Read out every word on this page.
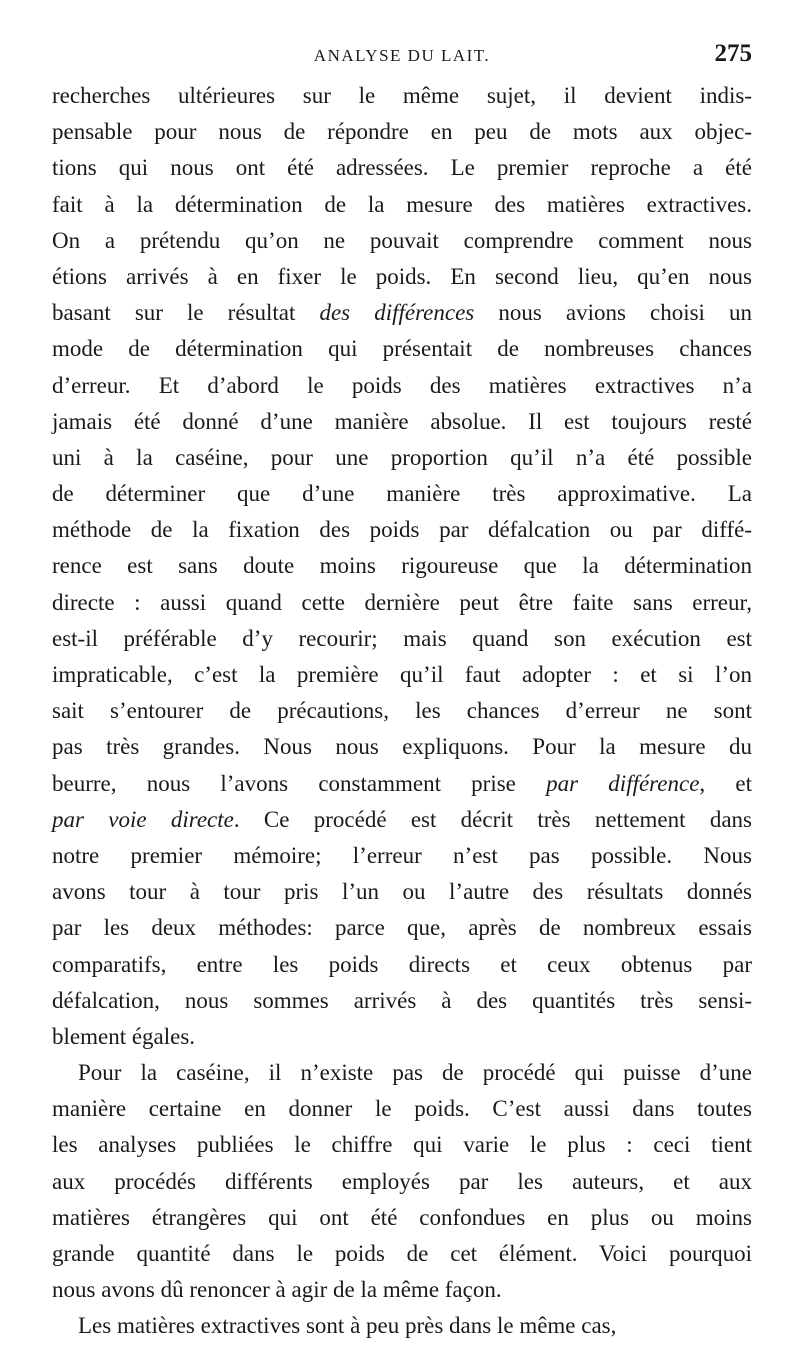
ANALYSE DU LAIT.	275
recherches ultérieures sur le même sujet, il devient indis-
pensable pour nous de répondre en peu de mots aux objec-
tions qui nous ont été adressées. Le premier reproche a été
fait à la détermination de la mesure des matières extractives.
On a prétendu qu’on ne pouvait comprendre comment nous
étions arrivés à en fixer le poids. En second lieu, qu’en nous
basant sur le résultat des différences nous avions choisi un
mode de détermination qui présentait de nombreuses chances
d’erreur. Et d’abord le poids des matières extractives n’a
jamais été donné d’une manière absolue. Il est toujours resté
uni à la caséine, pour une proportion qu’il n’a été possible
de déterminer que d’une manière très approximative. La
méthode de la fixation des poids par défalcation ou par diffé-
rence est sans doute moins rigoureuse que la détermination
directe : aussi quand cette dernière peut être faite sans erreur,
est-il préférable d’y recourir; mais quand son exécution est
impraticable, c’est la première qu’il faut adopter : et si l’on
sait s’entourer de précautions, les chances d’erreur ne sont
pas très grandes. Nous nous expliquons. Pour la mesure du
beurre, nous l’avons constamment prise par différence, et
par voie directe. Ce procédé est décrit très nettement dans
notre premier mémoire; l’erreur n’est pas possible. Nous
avons tour à tour pris l’un ou l’autre des résultats donnés
par les deux méthodes: parce que, après de nombreux essais
comparatifs, entre les poids directs et ceux obtenus par
défalcation, nous sommes arrivés à des quantités très sensi-
blement égales.
Pour la caséine, il n’existe pas de procédé qui puisse d’une
manière certaine en donner le poids. C’est aussi dans toutes
les analyses publiées le chiffre qui varie le plus : ceci tient
aux procédés différents employés par les auteurs, et aux
matières étrangères qui ont été confondues en plus ou moins
grande quantité dans le poids de cet élément. Voici pourquoi
nous avons dû renoncer à agir de la même façon.
Les matières extractives sont à peu près dans le même cas,
